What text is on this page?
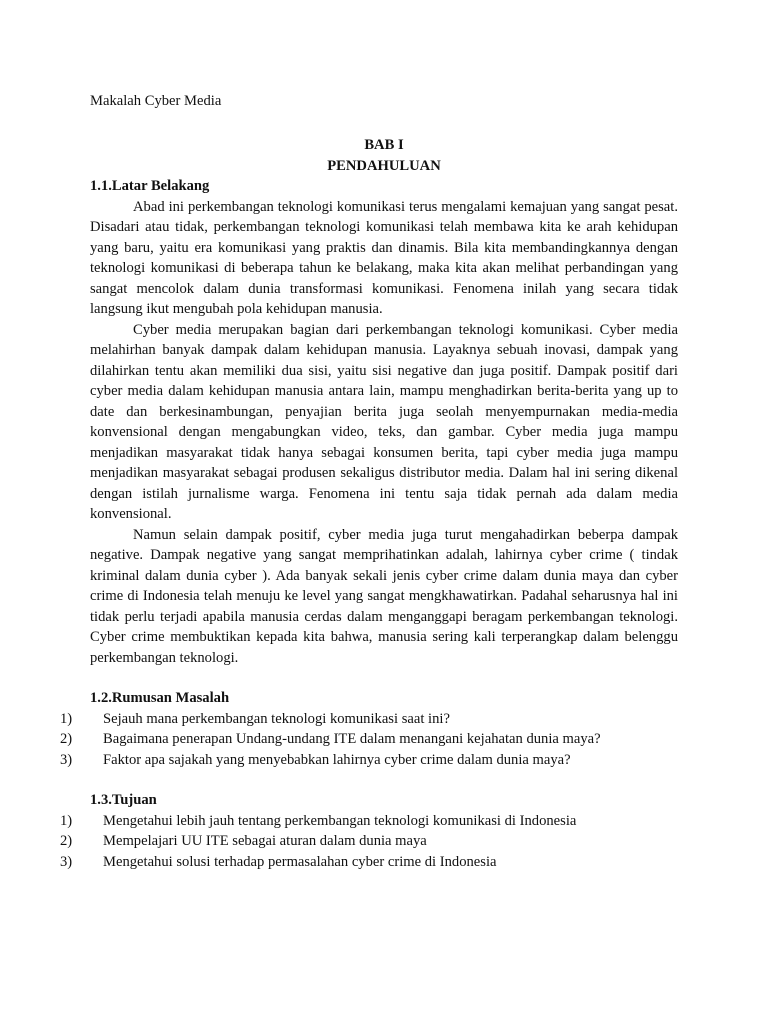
Makalah Cyber Media

BAB I

PENDAHULUAN

1.1.Latar Belakang

Abad ini perkembangan teknologi komunikasi terus mengalami kemajuan yang sangat pesat. Disadari atau tidak, perkembangan teknologi komunikasi telah membawa kita ke arah kehidupan yang baru, yaitu era komunikasi yang praktis dan dinamis. Bila kita membandingkannya dengan teknologi komunikasi di beberapa tahun ke belakang, maka kita akan melihat perbandingan yang sangat mencolok dalam dunia transformasi komunikasi. Fenomena inilah yang secara tidak langsung ikut mengubah pola kehidupan manusia.

Cyber media merupakan bagian dari perkembangan teknologi komunikasi. Cyber media melahirhan banyak dampak dalam kehidupan manusia. Layaknya sebuah inovasi, dampak yang dilahirkan tentu akan memiliki dua sisi, yaitu sisi negative dan juga positif. Dampak positif dari cyber media dalam kehidupan manusia antara lain, mampu menghadirkan berita-berita yang up to date dan berkesinambungan, penyajian berita juga seolah menyempurnakan media-media konvensional dengan mengabungkan video, teks, dan gambar. Cyber media juga mampu menjadikan masyarakat tidak hanya sebagai konsumen berita, tapi cyber media juga mampu menjadikan masyarakat sebagai produsen sekaligus distributor media. Dalam hal ini sering dikenal dengan istilah jurnalisme warga. Fenomena ini tentu saja tidak pernah ada dalam media konvensional.

Namun selain dampak positif, cyber media juga turut mengahadirkan beberpa dampak negative. Dampak negative yang sangat memprihatinkan adalah, lahirnya cyber crime ( tindak kriminal dalam dunia cyber ). Ada banyak sekali jenis cyber crime dalam dunia maya dan cyber crime di Indonesia telah menuju ke level yang sangat mengkhawatirkan. Padahal seharusnya hal ini tidak perlu terjadi apabila manusia cerdas dalam menganggapi beragam perkembangan teknologi. Cyber crime membuktikan kepada kita bahwa, manusia sering kali terperangkap dalam belenggu perkembangan teknologi.

1.2.Rumusan Masalah

1)	Sejauh mana perkembangan teknologi komunikasi saat ini?
2)	Bagaimana penerapan Undang-undang ITE dalam menangani kejahatan dunia maya?
3)	Faktor apa sajakah yang menyebabkan lahirnya cyber crime dalam dunia maya?

1.3.Tujuan

1)	Mengetahui lebih jauh tentang perkembangan teknologi komunikasi di Indonesia
2)	Mempelajari UU ITE sebagai aturan dalam dunia maya
3)	Mengetahui solusi terhadap permasalahan cyber crime di Indonesia
